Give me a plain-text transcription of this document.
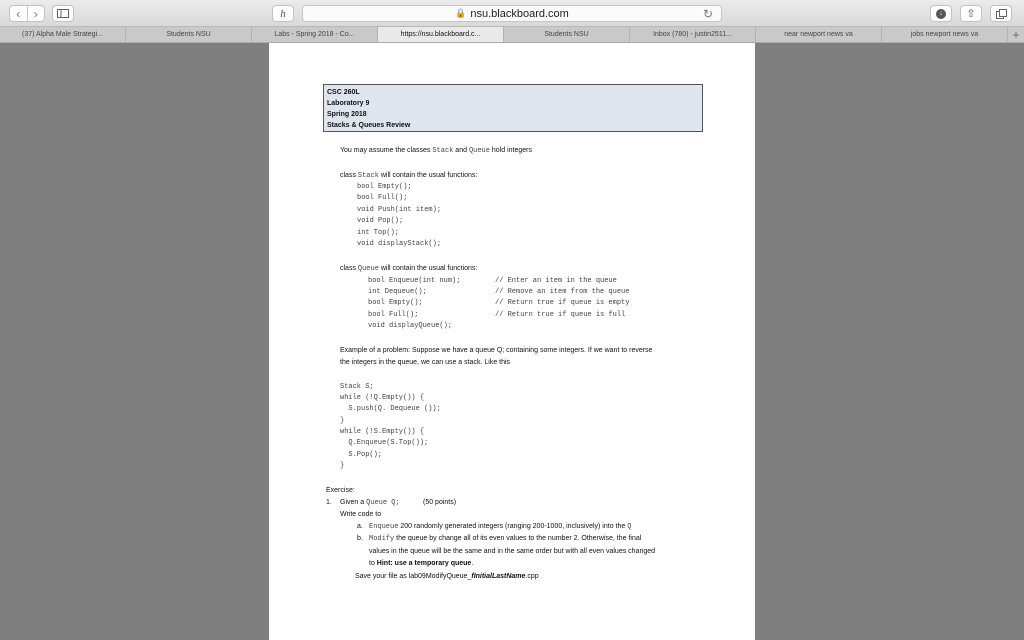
‹	›	h	🔒 nsu.blackboard.com	↻	↓ ⇧
(37) Alpha Male Strategi...	Students NSU	Labs - Spring 2018 - Co...	https://nsu.blackboard.c...	Students NSU	Inbox (780) - justin2511...	near newport news va	jobs newport news va	+
CSC 260L
Laboratory 9
Spring 2018
Stacks & Queues Review
You may assume the classes Stack and Queue hold integers
class Stack will contain the usual functions:
bool Empty();
bool Full();
void Push(int item);
void Pop();
int Top();
void displayStack();
class Queue will contain the usual functions:
bool Enqueue(int num);	// Enter an item in the queue
int Dequeue();	// Remove an item from the queue
bool Empty();	// Return true if queue is empty
bool Full();	// Return true if queue is full
void displayQueue();
Example of a problem: Suppose we have a queue Q; containing some integers. If we want to reverse
the integers in the queue, we can use a stack. Like this
Stack S;
while (!Q.Empty()) {
S.push(Q. Dequeue ());
}
while (!S.Empty()) {
Q.Enqueue(S.Top());
S.Pop();
}
Exercise:
1. Given a Queue Q;	(50 points)
Write code to
a. Enqueue 200 randomly generated integers (ranging 200-1000, inclusively) into the Q
b. Modify the queue by change all of its even values to the number 2. Otherwise, the final
values in the queue will be the same and in the same order but with all even values changed
to Hint: use a temporary queue.
Save your file as lab09ModifyQueue_fInitialLastName.cpp
